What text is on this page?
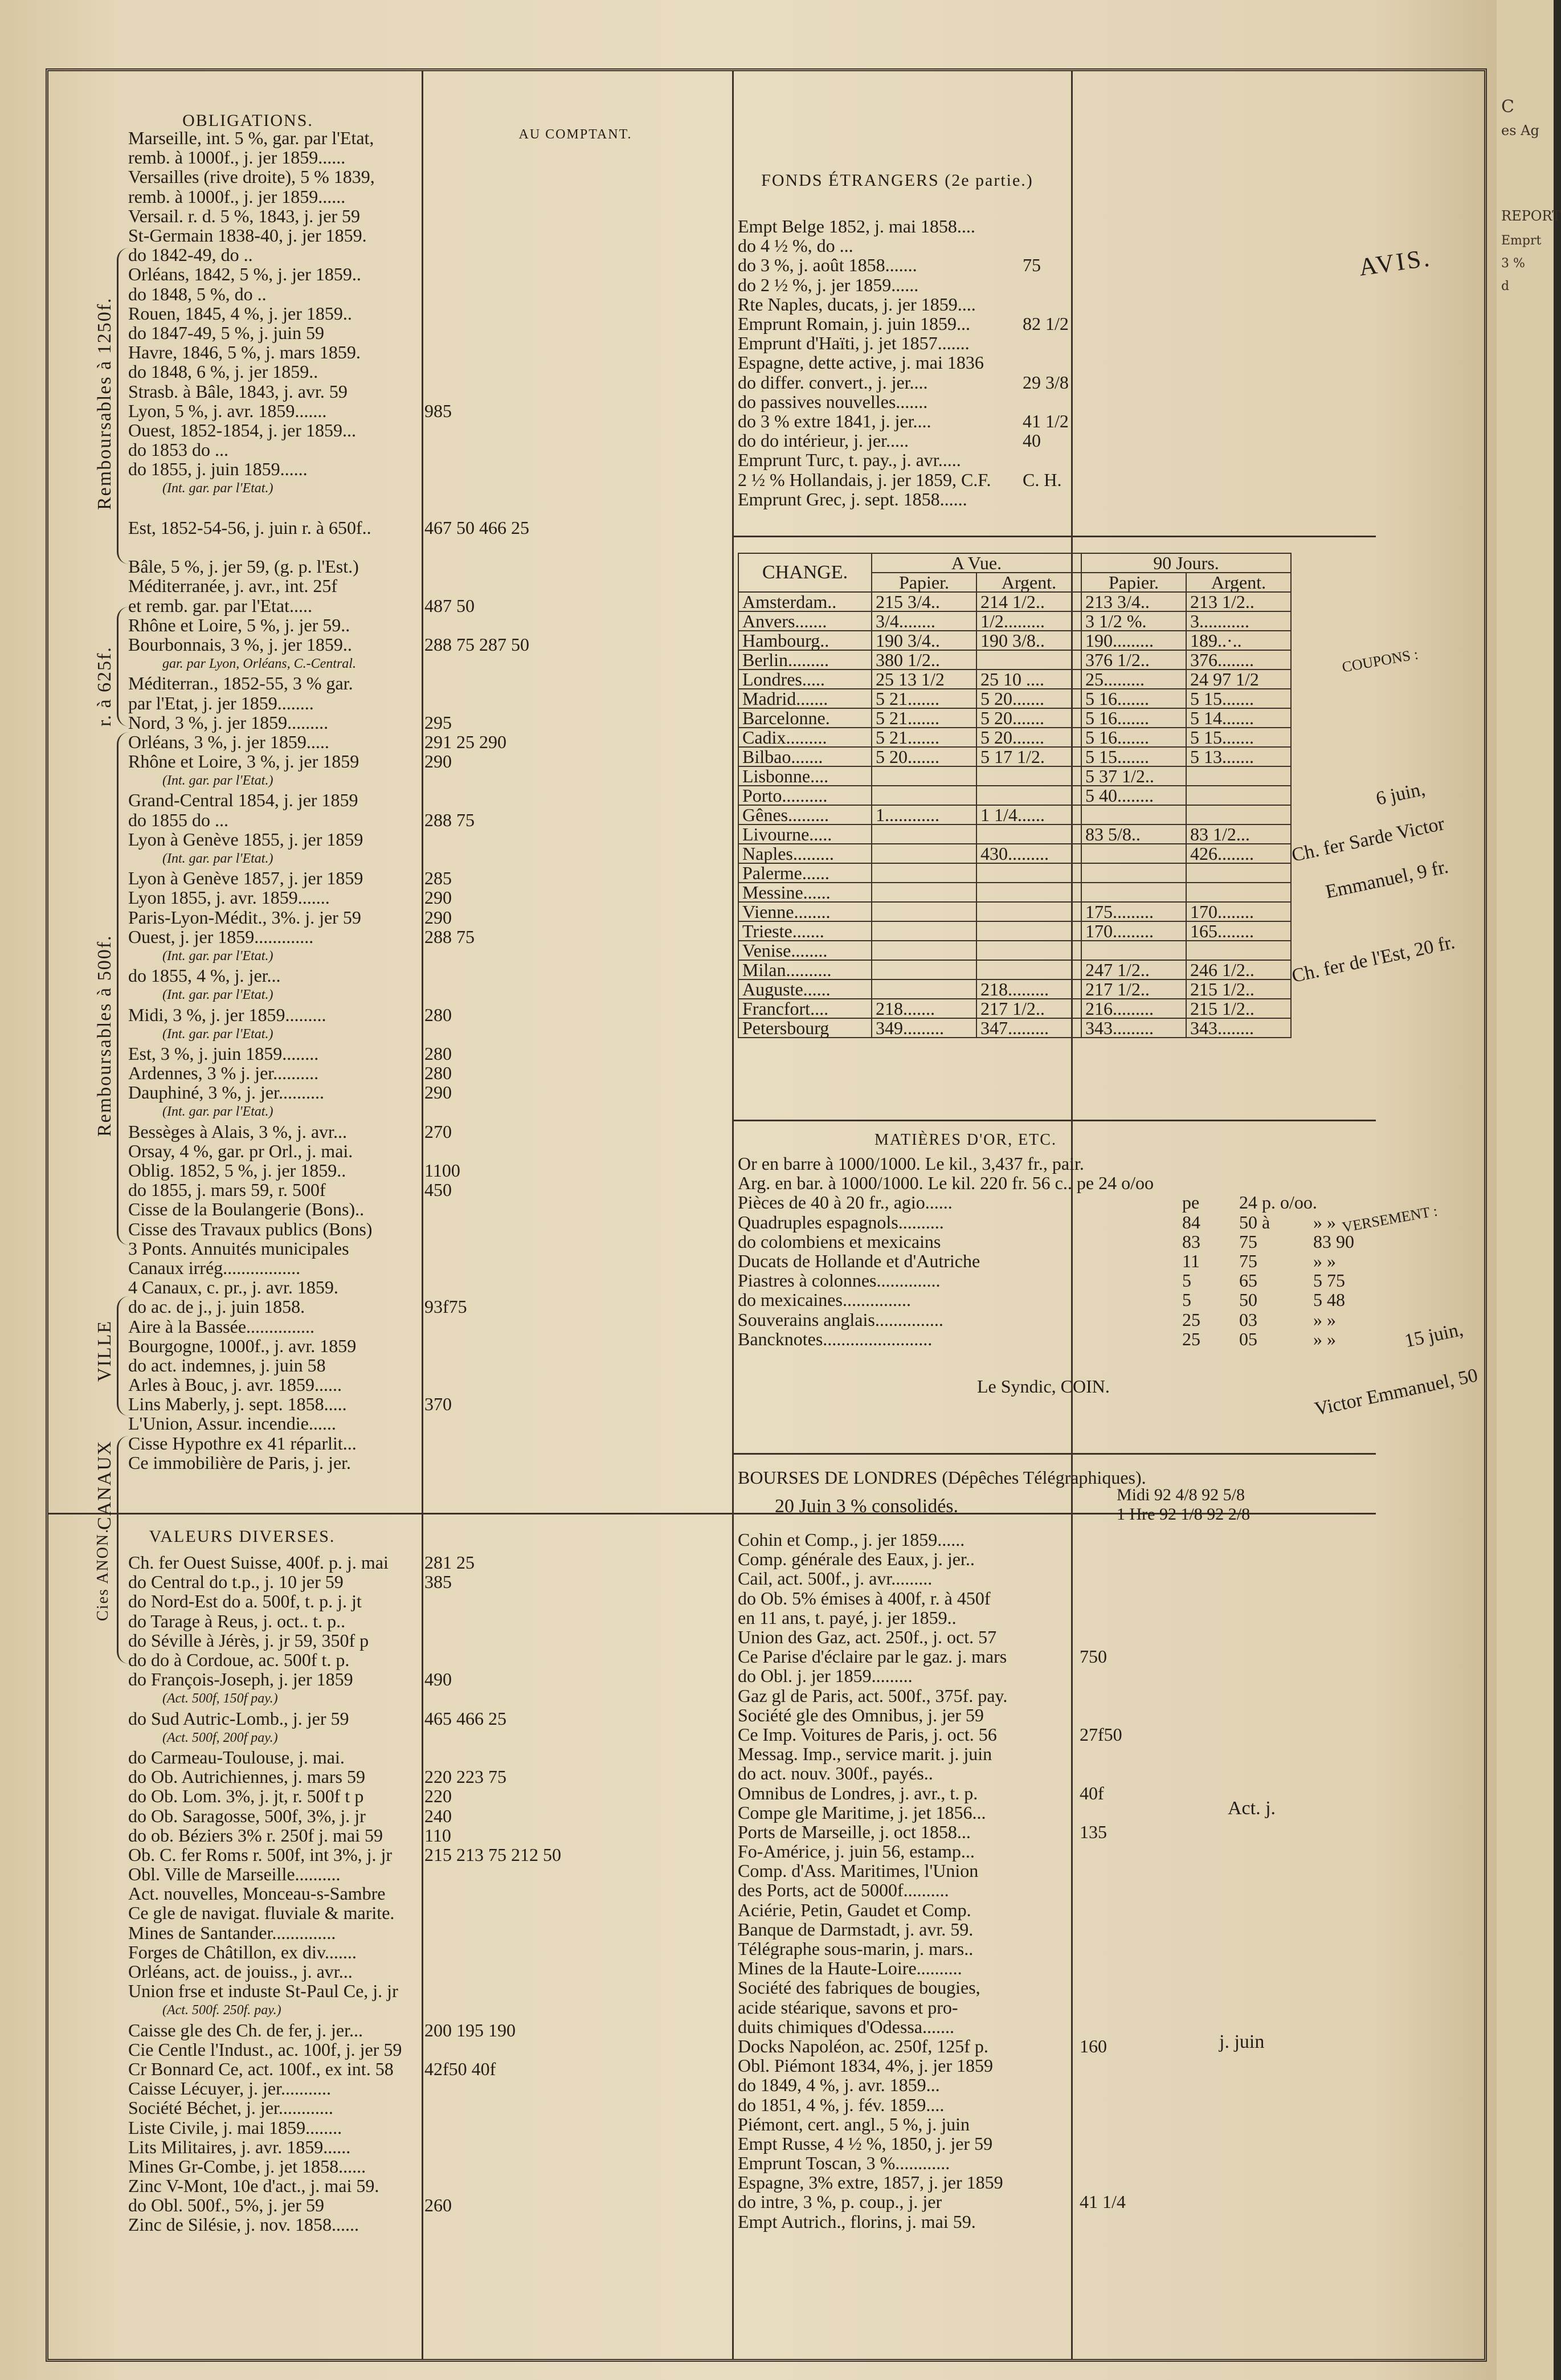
C
es Ag
REPORT
Emprt
3 %
d
OBLIGATIONS.
AU COMPTANT.
FONDS ÉTRANGERS (2e partie.)
VALEURS DIVERSES.
MATIÈRES D'OR, ETC.
Remboursables à 1250f.
r. à 625f.
Remboursables à 500f.
VILLE
CANAUX
Cies ANON.
Marseille, int. 5 %, gar. par l'Etat,
remb. à 1000f., j. jer 1859......
Versailles (rive droite), 5 % 1839,
remb. à 1000f., j. jer 1859......
Versail. r. d. 5 %, 1843, j. jer 59
St-Germain 1838-40, j. jer 1859.
do 1842-49, do ..
Orléans, 1842, 5 %, j. jer 1859..
do 1848, 5 %, do ..
Rouen, 1845, 4 %, j. jer 1859..
do 1847-49, 5 %, j. juin 59
Havre, 1846, 5 %, j. mars 1859.
do 1848, 6 %, j. jer 1859..
Strasb. à Bâle, 1843, j. avr. 59
Lyon, 5 %, j. avr. 1859.......	985
Ouest, 1852-1854, j. jer 1859...
do 1853 do ...
do 1855, j. juin 1859......
(Int. gar. par l'Etat.)
Est, 1852-54-56, j. juin r. à 650f..	467 50 466 25
Bâle, 5 %, j. jer 59, (g. p. l'Est.)
Méditerranée, j. avr., int. 25f
et remb. gar. par l'Etat.....	487 50
Rhône et Loire, 5 %, j. jer 59..
Bourbonnais, 3 %, j. jer 1859..	288 75 287 50
gar. par Lyon, Orléans, C.-Central.
Méditerran., 1852-55, 3 % gar.
par l'Etat, j. jer 1859........
Nord, 3 %, j. jer 1859.........	295
Orléans, 3 %, j. jer 1859.....	291 25 290
Rhône et Loire, 3 %, j. jer 1859	290
(Int. gar. par l'Etat.)
Grand-Central 1854, j. jer 1859
do 1855 do ...	288 75
Lyon à Genève 1855, j. jer 1859
(Int. gar. par l'Etat.)
Lyon à Genève 1857, j. jer 1859	285
Lyon 1855, j. avr. 1859.......	290
Paris-Lyon-Médit., 3%. j. jer 59	290
Ouest, j. jer 1859.............	288 75
(Int. gar. par l'Etat.)
do 1855, 4 %, j. jer...
(Int. gar. par l'Etat.)
Midi, 3 %, j. jer 1859.........	280
(Int. gar. par l'Etat.)
Est, 3 %, j. juin 1859........	280
Ardennes, 3 % j. jer..........	280
Dauphiné, 3 %, j. jer..........	290
(Int. gar. par l'Etat.)
Bessèges à Alais, 3 %, j. avr...	270
Orsay, 4 %, gar. pr Orl., j. mai.
Oblig. 1852, 5 %, j. jer 1859..	1100
do 1855, j. mars 59, r. 500f	450
Cisse de la Boulangerie (Bons)..
Cisse des Travaux publics (Bons)
3 Ponts. Annuités municipales
Canaux irrég.................
4 Canaux, c. pr., j. avr. 1859.
do ac. de j., j. juin 1858.	93f75
Aire à la Bassée...............
Bourgogne, 1000f., j. avr. 1859
do act. indemnes, j. juin 58
Arles à Bouc, j. avr. 1859......
Lins Maberly, j. sept. 1858.....	370
L'Union, Assur. incendie......
Cisse Hypothre ex 41 réparlit...
Ce immobilière de Paris, j. jer.
Empt Belge 1852, j. mai 1858....
do 4 ½ %, do ...
do 3 %, j. août 1858.......	75
do 2 ½ %, j. jer 1859......
Rte Naples, ducats, j. jer 1859....
Emprunt Romain, j. juin 1859...	82 1/2
Emprunt d'Haïti, j. jet 1857.......
Espagne, dette active, j. mai 1836
do differ. convert., j. jer....	29 3/8
do passives nouvelles.......
do 3 % extre 1841, j. jer....	41 1/2
do do intérieur, j. jer.....	40
Emprunt Turc, t. pay., j. avr.....
2 ½ % Hollandais, j. jer 1859, C.F.	C. H.
Emprunt Grec, j. sept. 1858......
CHANGE.	A Vue.		90 Jours.	
	Papier.	Argent.	Papier.	Argent.
Amsterdam..	215 3/4..	214 1/2..	213 3/4..	213 1/2..
Anvers.......	3/4........	1/2.........	3 1/2 %.	3...........
Hambourg..	190 3/4..	190 3/8..	190.........	189..·..
Berlin.........	380 1/2..		376 1/2..	376........
Londres.....	25 13 1/2	25 10 ....	25.........	24 97 1/2
Madrid.......	5 21.......	5 20.......	5 16.......	5 15.......
Barcelonne.	5 21.......	5 20.......	5 16.......	5 14.......
Cadix.........	5 21.......	5 20.......	5 16.......	5 15.......
Bilbao.......	5 20.......	5 17 1/2.	5 15.......	5 13.......
Lisbonne....			5 37 1/2..	
Porto..........			5 40........	
Gênes.........	1............	1 1/4......		
Livourne.....			83 5/8..	83 1/2...
Naples.........		430.........		426........
Palerme......				
Messine......				
Vienne........			175.........	170........
Trieste.......			170.........	165........
Venise........				
Milan..........			247 1/2..	246 1/2..
Auguste......		218.........	217 1/2..	215 1/2..
Francfort....	218.......	217 1/2..	216.........	215 1/2..
Petersbourg	349.........	347.........	343.........	343........
Or en barre à 1000/1000. Le kil., 3,437 fr., pair.
Arg. en bar. à 1000/1000. Le kil. 220 fr. 56 c.. pe 24 o/oo
Pièces de 40 à 20 fr., agio......	pe	24 p. o/oo.
Quadruples espagnols..........	84	50 à	» »
do colombiens et mexicains	83	75	83 90
Ducats de Hollande et d'Autriche	11	75	» »
Piastres à colonnes..............	5	65	5 75
do mexicaines...............	5	50	5 48
Souverains anglais...............	25	03	» »
Bancknotes........................	25	05	» »
Le Syndic, COIN.
BOURSES DE LONDRES (Dépêches Télégraphiques).
20 Juin 3 % consolidés.
Midi 92 4/8 92 5/8
1 Hre 92 1/8 92 2/8
Ch. fer Ouest Suisse, 400f. p. j. mai	281 25
do Central do t.p., j. 10 jer 59	385
do Nord-Est do a. 500f, t. p. j. jt
do Tarage à Reus, j. oct.. t. p..
do Séville à Jérès, j. jr 59, 350f p
do do à Cordoue, ac. 500f t. p.
do François-Joseph, j. jer 1859	490
(Act. 500f, 150f pay.)
do Sud Autric-Lomb., j. jer 59	465 466 25
(Act. 500f, 200f pay.)
do Carmeau-Toulouse, j. mai.
do Ob. Autrichiennes, j. mars 59	220 223 75
do Ob. Lom. 3%, j. jt, r. 500f t p	220
do Ob. Saragosse, 500f, 3%, j. jr	240
do ob. Béziers 3% r. 250f j. mai 59	110
Ob. C. fer Roms r. 500f, int 3%, j. jr	215 213 75 212 50
Obl. Ville de Marseille..........
Act. nouvelles, Monceau-s-Sambre
Ce gle de navigat. fluviale & marite.
Mines de Santander..............
Forges de Châtillon, ex div.......
Orléans, act. de jouiss., j. avr...
Union frse et induste St-Paul Ce, j. jr
(Act. 500f. 250f. pay.)
Caisse gle des Ch. de fer, j. jer...	200 195 190
Cie Centle l'Indust., ac. 100f, j. jer 59
Cr Bonnard Ce, act. 100f., ex int. 58	42f50 40f
Caisse Lécuyer, j. jer...........
Société Béchet, j. jer............
Liste Civile, j. mai 1859........
Lits Militaires, j. avr. 1859......
Mines Gr-Combe, j. jet 1858......
Zinc V-Mont, 10e d'act., j. mai 59.
do Obl. 500f., 5%, j. jer 59	260
Zinc de Silésie, j. nov. 1858......
Cohin et Comp., j. jer 1859......
Comp. générale des Eaux, j. jer..
Cail, act. 500f., j. avr.........
do Ob. 5% émises à 400f, r. à 450f
en 11 ans, t. payé, j. jer 1859..
Union des Gaz, act. 250f., j. oct. 57
Ce Parise d'éclaire par le gaz. j. mars	750
do Obl. j. jer 1859.........
Gaz gl de Paris, act. 500f., 375f. pay.
Société gle des Omnibus, j. jer 59
Ce Imp. Voitures de Paris, j. oct. 56	27f50
Messag. Imp., service marit. j. juin
do act. nouv. 300f., payés..
Omnibus de Londres, j. avr., t. p.	40f
Compe gle Maritime, j. jet 1856...
Ports de Marseille, j. oct 1858...	135
Fo-Américe, j. juin 56, estamp...
Comp. d'Ass. Maritimes, l'Union
des Ports, act de 5000f..........
Aciérie, Petin, Gaudet et Comp.
Banque de Darmstadt, j. avr. 59.
Télégraphe sous-marin, j. mars..
Mines de la Haute-Loire..........
Société des fabriques de bougies,
acide stéarique, savons et pro-
duits chimiques d'Odessa.......
Docks Napoléon, ac. 250f, 125f p.	160
Obl. Piémont 1834, 4%, j. jer 1859
do 1849, 4 %, j. avr. 1859...
do 1851, 4 %, j. fév. 1859....
Piémont, cert. angl., 5 %, j. juin
Empt Russe, 4 ½ %, 1850, j. jer 59
Emprunt Toscan, 3 %............
Espagne, 3% extre, 1857, j. jer 1859
do intre, 3 %, p. coup., j. jer	41 1/4
Empt Autrich., florins, j. mai 59.
AVIS.
COUPONS :
6 juin,
Ch. fer Sarde Victor
Emmanuel, 9 fr.
Ch. fer de l'Est, 20 fr.
VERSEMENT :
15 juin,
Victor Emmanuel, 50
Act. j.
j. juin
